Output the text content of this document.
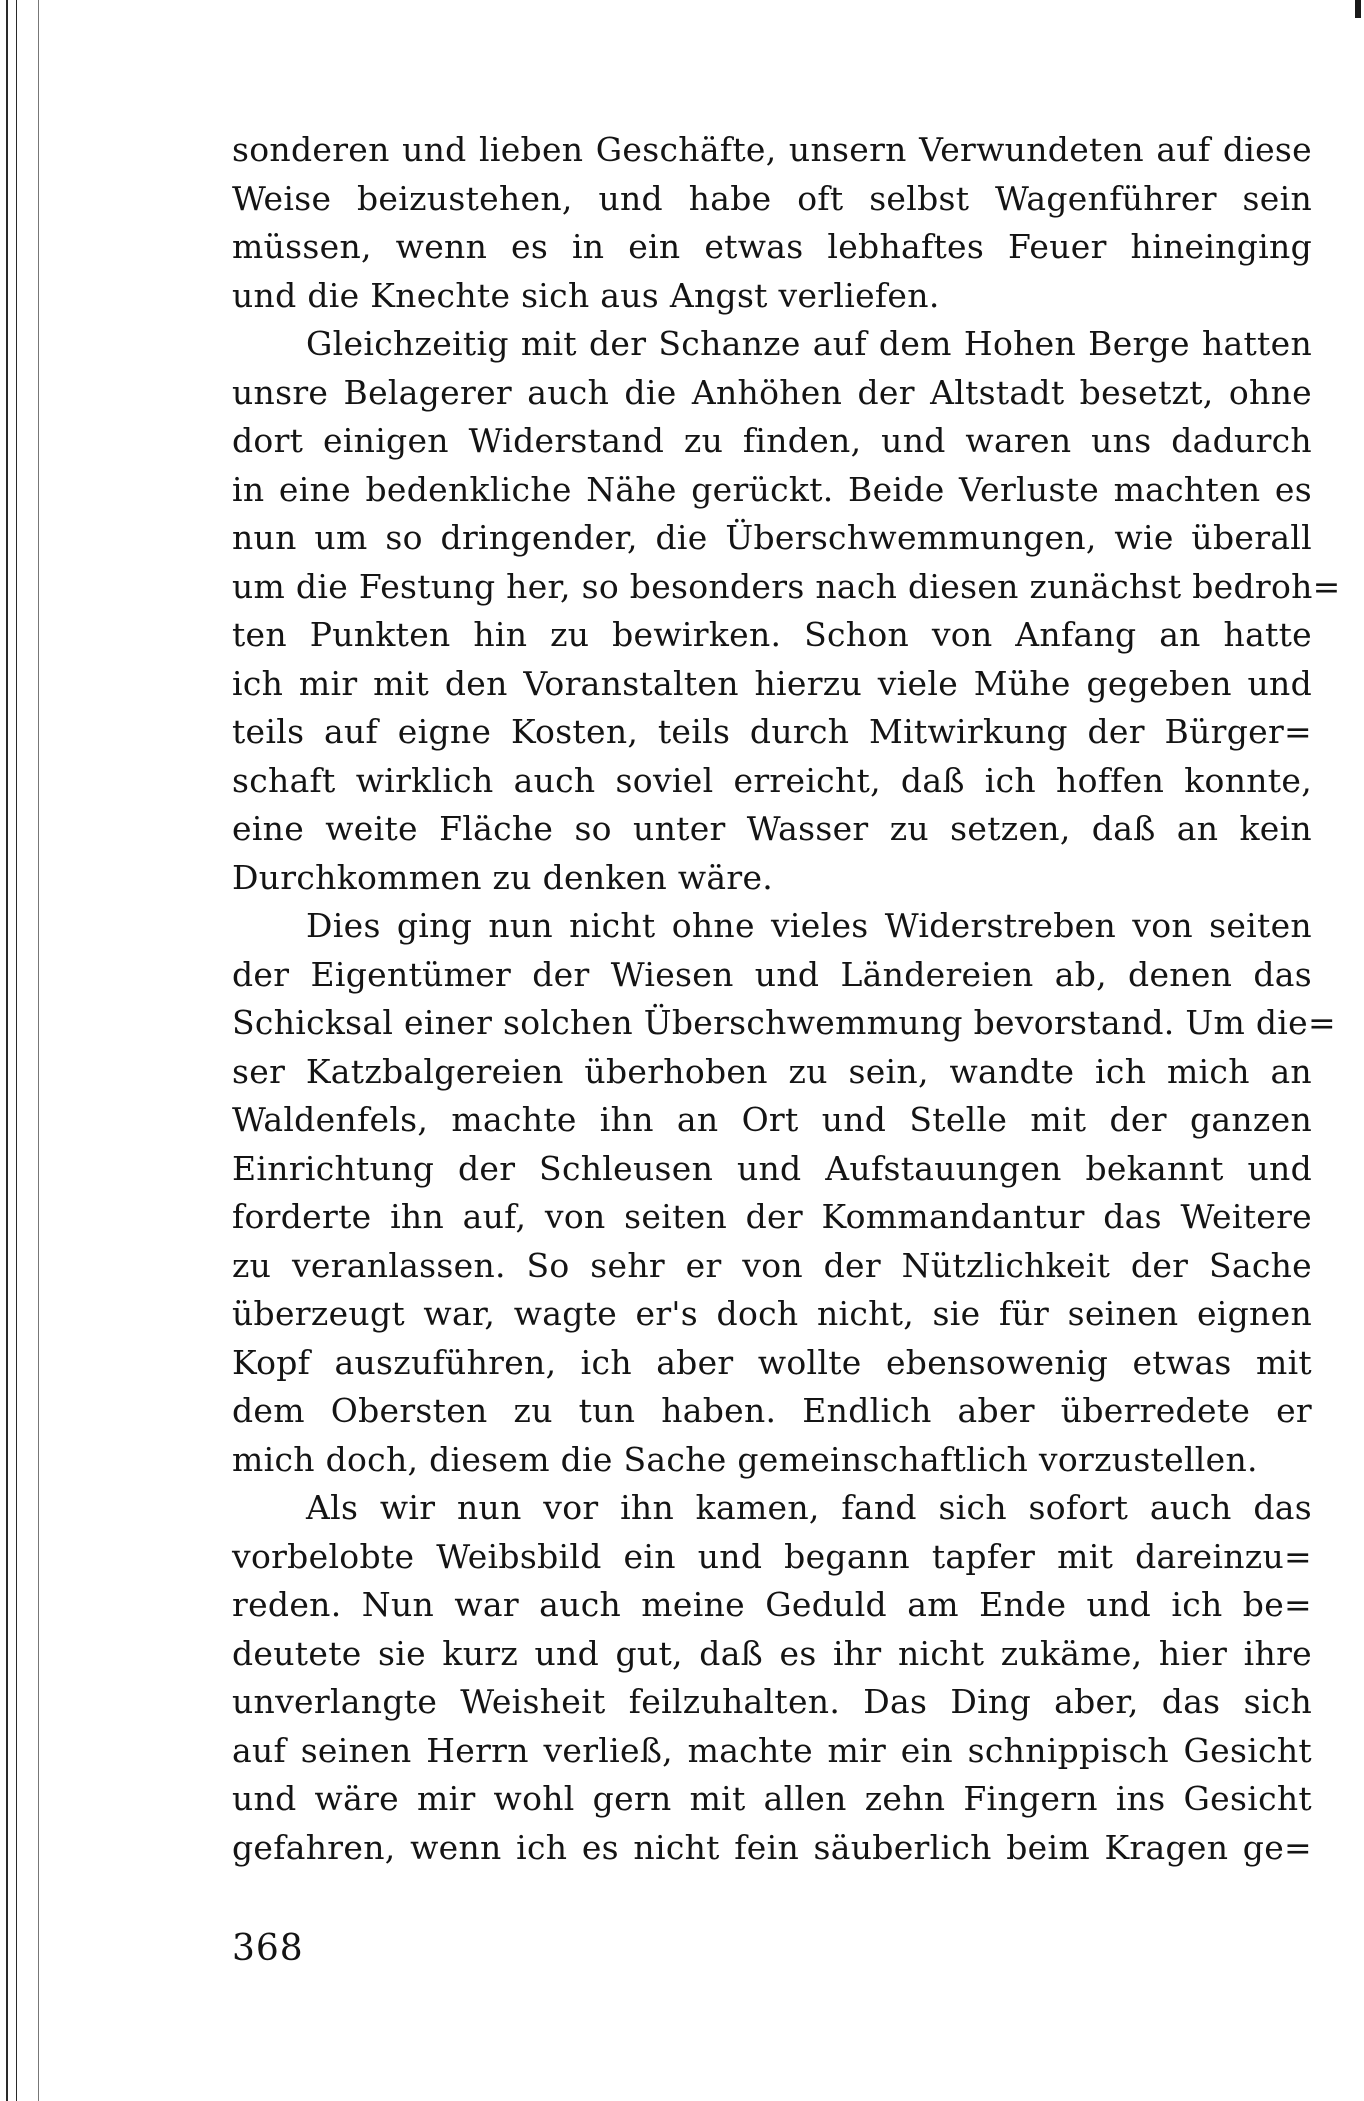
sonderen und lieben Geschäfte, unsern Verwundeten auf diese
Weise beizustehen, und habe oft selbst Wagenführer sein
müssen, wenn es in ein etwas lebhaftes Feuer hineinging
und die Knechte sich aus Angst verliefen.

Gleichzeitig mit der Schanze auf dem Hohen Berge hatten
unsre Belagerer auch die Anhöhen der Altstadt besetzt, ohne
dort einigen Widerstand zu finden, und waren uns dadurch
in eine bedenkliche Nähe gerückt. Beide Verluste machten es
nun um so dringender, die Überschwemmungen, wie überall
um die Festung her, so besonders nach diesen zunächst bedroh=
ten Punkten hin zu bewirken. Schon von Anfang an hatte
ich mir mit den Voranstalten hierzu viele Mühe gegeben und
teils auf eigne Kosten, teils durch Mitwirkung der Bürger=
schaft wirklich auch soviel erreicht, daß ich hoffen konnte,
eine weite Fläche so unter Wasser zu setzen, daß an kein
Durchkommen zu denken wäre.

Dies ging nun nicht ohne vieles Widerstreben von seiten
der Eigentümer der Wiesen und Ländereien ab, denen das
Schicksal einer solchen Überschwemmung bevorstand. Um die=
ser Katzbalgereien überhoben zu sein, wandte ich mich an
Waldenfels, machte ihn an Ort und Stelle mit der ganzen
Einrichtung der Schleusen und Aufstauungen bekannt und
forderte ihn auf, von seiten der Kommandantur das Weitere
zu veranlassen. So sehr er von der Nützlichkeit der Sache
überzeugt war, wagte er's doch nicht, sie für seinen eignen
Kopf auszuführen, ich aber wollte ebensowenig etwas mit
dem Obersten zu tun haben. Endlich aber überredete er
mich doch, diesem die Sache gemeinschaftlich vorzustellen.

Als wir nun vor ihn kamen, fand sich sofort auch das
vorbelobte Weibsbild ein und begann tapfer mit dareinzu=
reden. Nun war auch meine Geduld am Ende und ich be=
deutete sie kurz und gut, daß es ihr nicht zukäme, hier ihre
unverlangte Weisheit feilzuhalten. Das Ding aber, das sich
auf seinen Herrn verließ, machte mir ein schnippisch Gesicht
und wäre mir wohl gern mit allen zehn Fingern ins Gesicht
gefahren, wenn ich es nicht fein säuberlich beim Kragen ge=

368
